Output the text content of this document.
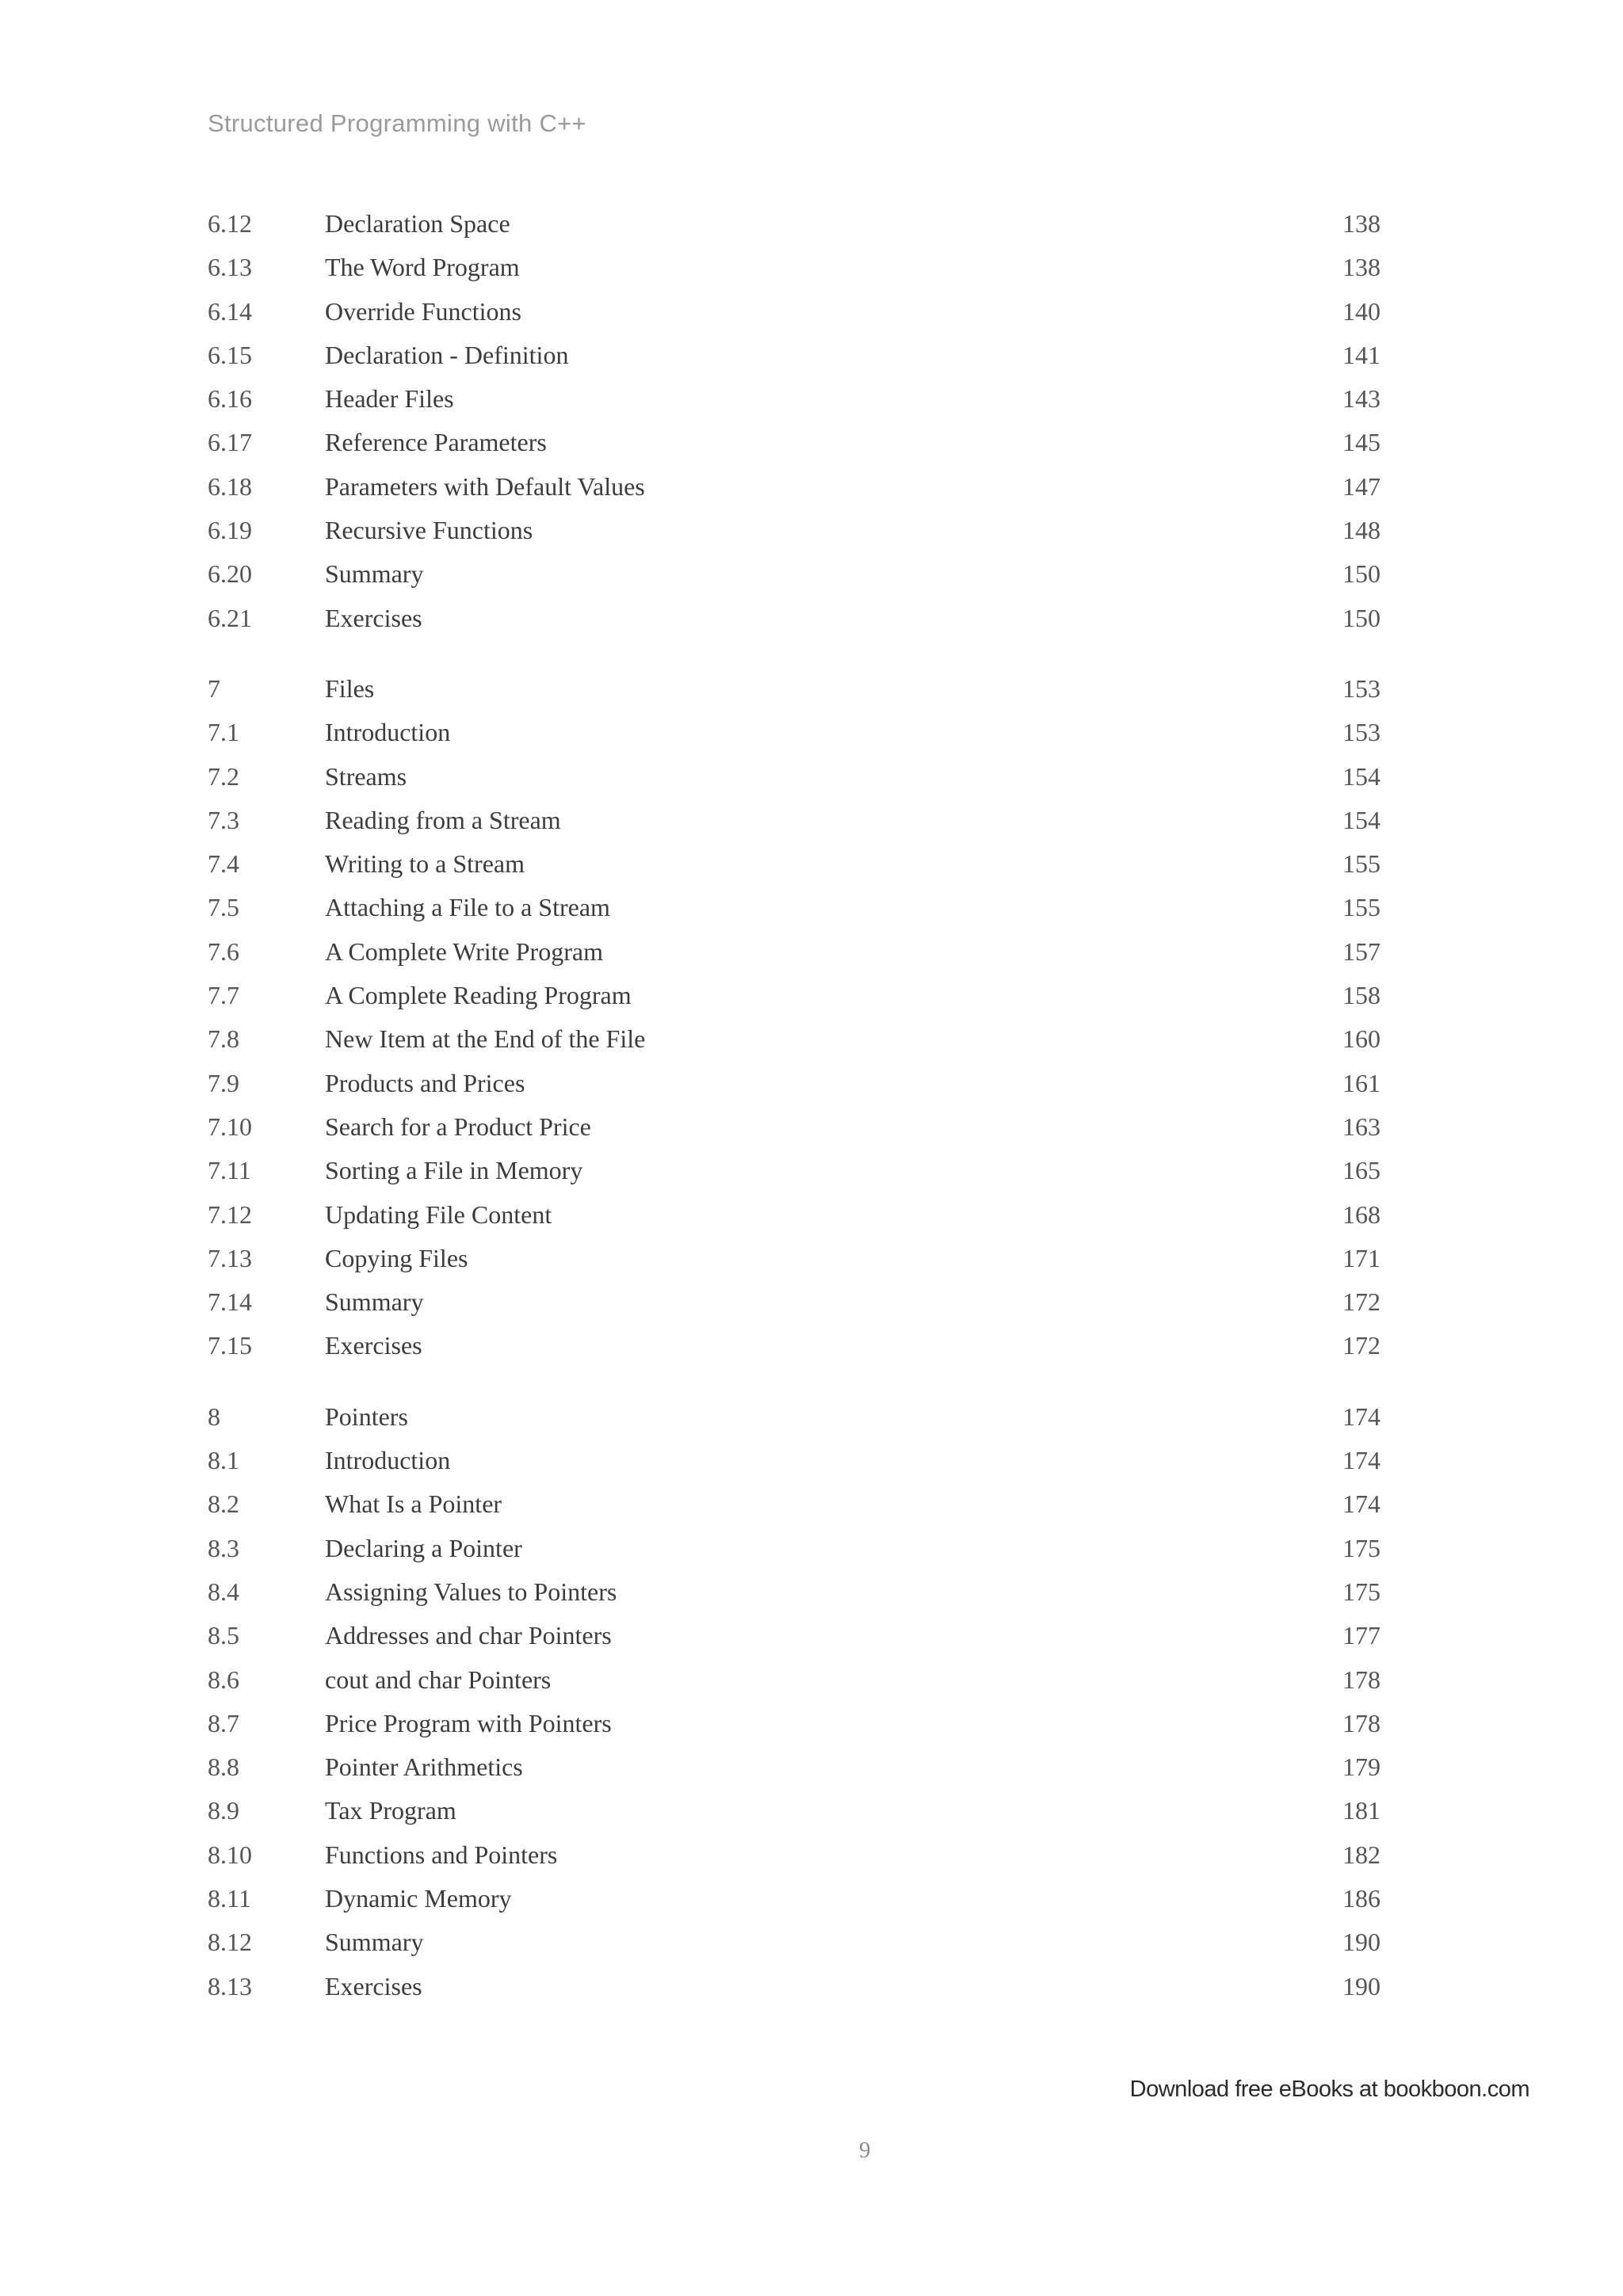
Structured Programming with C++
6.12	Declaration Space	138
6.13	The Word Program	138
6.14	Override Functions	140
6.15	Declaration - Definition	141
6.16	Header Files	143
6.17	Reference Parameters	145
6.18	Parameters with Default Values	147
6.19	Recursive Functions	148
6.20	Summary	150
6.21	Exercises	150
7	Files	153
7.1	Introduction	153
7.2	Streams	154
7.3	Reading from a Stream	154
7.4	Writing to a Stream	155
7.5	Attaching a File to a Stream	155
7.6	A Complete Write Program	157
7.7	A Complete Reading Program	158
7.8	New Item at the End of the File	160
7.9	Products and Prices	161
7.10	Search for a Product Price	163
7.11	Sorting a File in Memory	165
7.12	Updating File Content	168
7.13	Copying Files	171
7.14	Summary	172
7.15	Exercises	172
8	Pointers	174
8.1	Introduction	174
8.2	What Is a Pointer	174
8.3	Declaring a Pointer	175
8.4	Assigning Values to Pointers	175
8.5	Addresses and char Pointers	177
8.6	cout and char Pointers	178
8.7	Price Program with Pointers	178
8.8	Pointer Arithmetics	179
8.9	Tax Program	181
8.10	Functions and Pointers	182
8.11	Dynamic Memory	186
8.12	Summary	190
8.13	Exercises	190
Download free eBooks at bookboon.com
9
